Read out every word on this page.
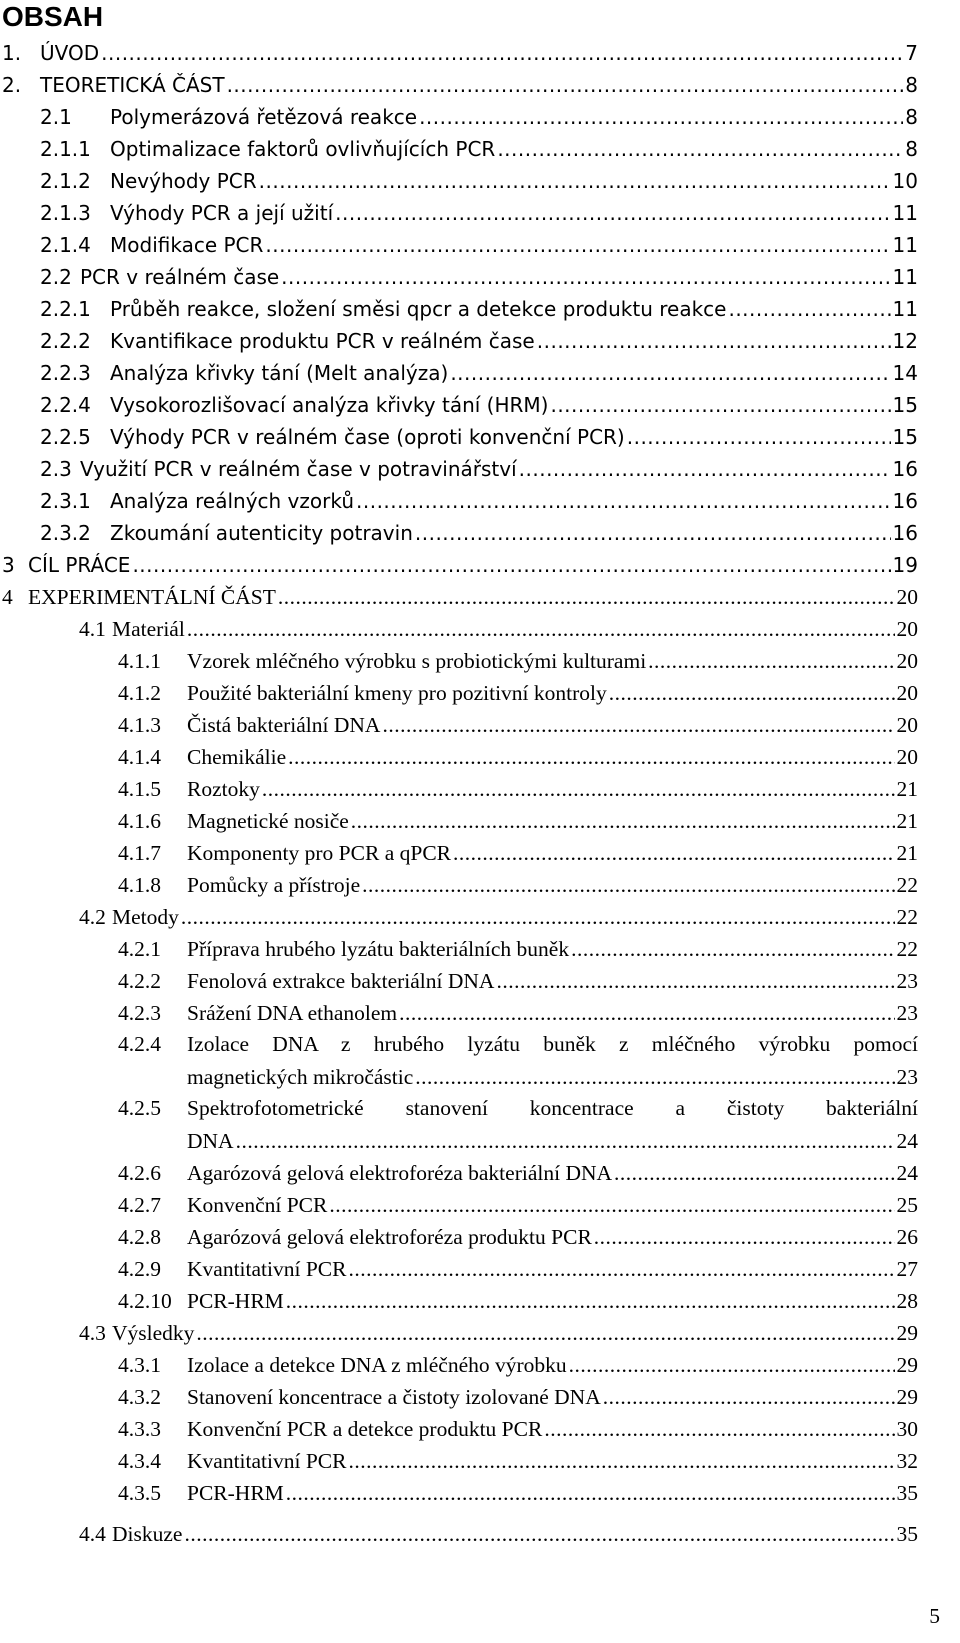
OBSAH
1. ÚVOD .....	7
2. TEORETICKÁ ČÁST .....	8
2.1	Polymerázová řetězová reakce .....	8
2.1.1 Optimalizace faktorů ovlivňujících PCR .....	8
2.1.2 Nevýhody PCR .....	10
2.1.3 Výhody PCR a její užití .....	11
2.1.4 Modifikace PCR .....	11
2.2 PCR v reálném čase .....	11
2.2.1 Průběh reakce, složení směsi qpcr a detekce produktu reakce .....	11
2.2.2 Kvantifikace produktu PCR v reálném čase .....	12
2.2.3 Analýza křivky tání (Melt analýza) .....	14
2.2.4 Vysokorozlišovací analýza křivky tání (HRM) .....	15
2.2.5 Výhody PCR v reálném čase (oproti konvenční PCR) .....	15
2.3 Využití PCR v reálném čase v potravinářství .....	16
2.3.1 Analýza reálných vzorků .....	16
2.3.2 Zkoumání autenticity potravin .....	16
3 CÍL PRÁCE .....	19
4 EXPERIMENTÁLNÍ ČÁST .....	20
4.1 Materiál .....	20
4.1.1	Vzorek mléčného výrobku s probiotickými kulturami .....	20
4.1.2	Použité bakteriální kmeny pro pozitivní kontroly .....	20
4.1.3	Čistá bakteriální DNA .....	20
4.1.4	Chemikálie .....	20
4.1.5	Roztoky .....	21
4.1.6	Magnetické nosiče .....	21
4.1.7	Komponenty pro PCR a qPCR .....	21
4.1.8	Pomůcky a přístroje .....	22
4.2 Metody .....	22
4.2.1	Příprava hrubého lyzátu bakteriálních buněk .....	22
4.2.2	Fenolová extrakce bakteriální DNA .....	23
4.2.3	Srážení DNA ethanolem .....	23
4.2.4 Izolace DNA z hrubého lyzátu buněk z mléčného výrobku pomocí
magnetických mikročástic .....	23
4.2.5 Spektrofotometrické stanovení koncentrace a čistoty bakteriální
DNA .....	24
4.2.6	Agarózová gelová elektroforéza bakteriální DNA .....	24
4.2.7	Konvenční PCR .....	25
4.2.8	Agarózová gelová elektroforéza produktu PCR .....	26
4.2.9	Kvantitativní PCR .....	27
4.2.10 PCR-HRM .....	28
4.3 Výsledky .....	29
4.3.1	Izolace a detekce DNA z mléčného výrobku .....	29
4.3.2	Stanovení koncentrace a čistoty izolované DNA .....	29
4.3.3	Konvenční PCR a detekce produktu PCR .....	30
4.3.4	Kvantitativní PCR .....	32
4.3.5	PCR-HRM .....	35
4.4 Diskuze .....	35
5
